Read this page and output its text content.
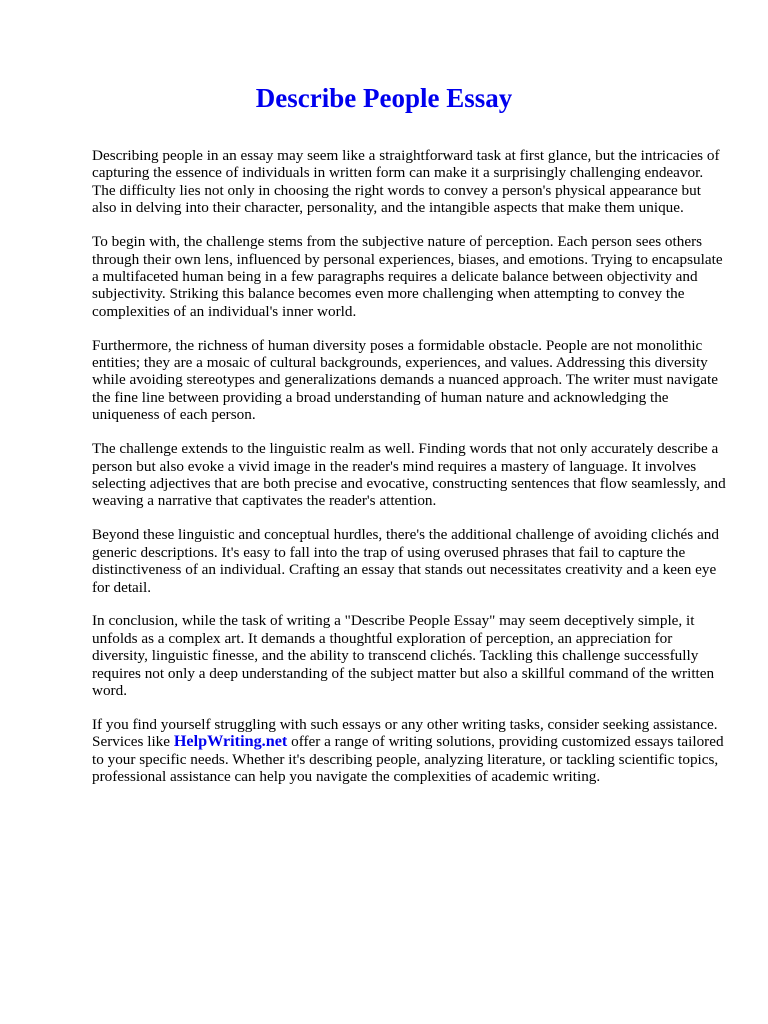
Describe People Essay

Describing people in an essay may seem like a straightforward task at first glance, but the intricacies of capturing the essence of individuals in written form can make it a surprisingly challenging endeavor. The difficulty lies not only in choosing the right words to convey a person's physical appearance but also in delving into their character, personality, and the intangible aspects that make them unique.

To begin with, the challenge stems from the subjective nature of perception. Each person sees others through their own lens, influenced by personal experiences, biases, and emotions. Trying to encapsulate a multifaceted human being in a few paragraphs requires a delicate balance between objectivity and subjectivity. Striking this balance becomes even more challenging when attempting to convey the complexities of an individual's inner world.

Furthermore, the richness of human diversity poses a formidable obstacle. People are not monolithic entities; they are a mosaic of cultural backgrounds, experiences, and values. Addressing this diversity while avoiding stereotypes and generalizations demands a nuanced approach. The writer must navigate the fine line between providing a broad understanding of human nature and acknowledging the uniqueness of each person.

The challenge extends to the linguistic realm as well. Finding words that not only accurately describe a person but also evoke a vivid image in the reader's mind requires a mastery of language. It involves selecting adjectives that are both precise and evocative, constructing sentences that flow seamlessly, and weaving a narrative that captivates the reader's attention.

Beyond these linguistic and conceptual hurdles, there's the additional challenge of avoiding clichés and generic descriptions. It's easy to fall into the trap of using overused phrases that fail to capture the distinctiveness of an individual. Crafting an essay that stands out necessitates creativity and a keen eye for detail.

In conclusion, while the task of writing a "Describe People Essay" may seem deceptively simple, it unfolds as a complex art. It demands a thoughtful exploration of perception, an appreciation for diversity, linguistic finesse, and the ability to transcend clichés. Tackling this challenge successfully requires not only a deep understanding of the subject matter but also a skillful command of the written word.

If you find yourself struggling with such essays or any other writing tasks, consider seeking assistance. Services like HelpWriting.net offer a range of writing solutions, providing customized essays tailored to your specific needs. Whether it's describing people, analyzing literature, or tackling scientific topics, professional assistance can help you navigate the complexities of academic writing.
